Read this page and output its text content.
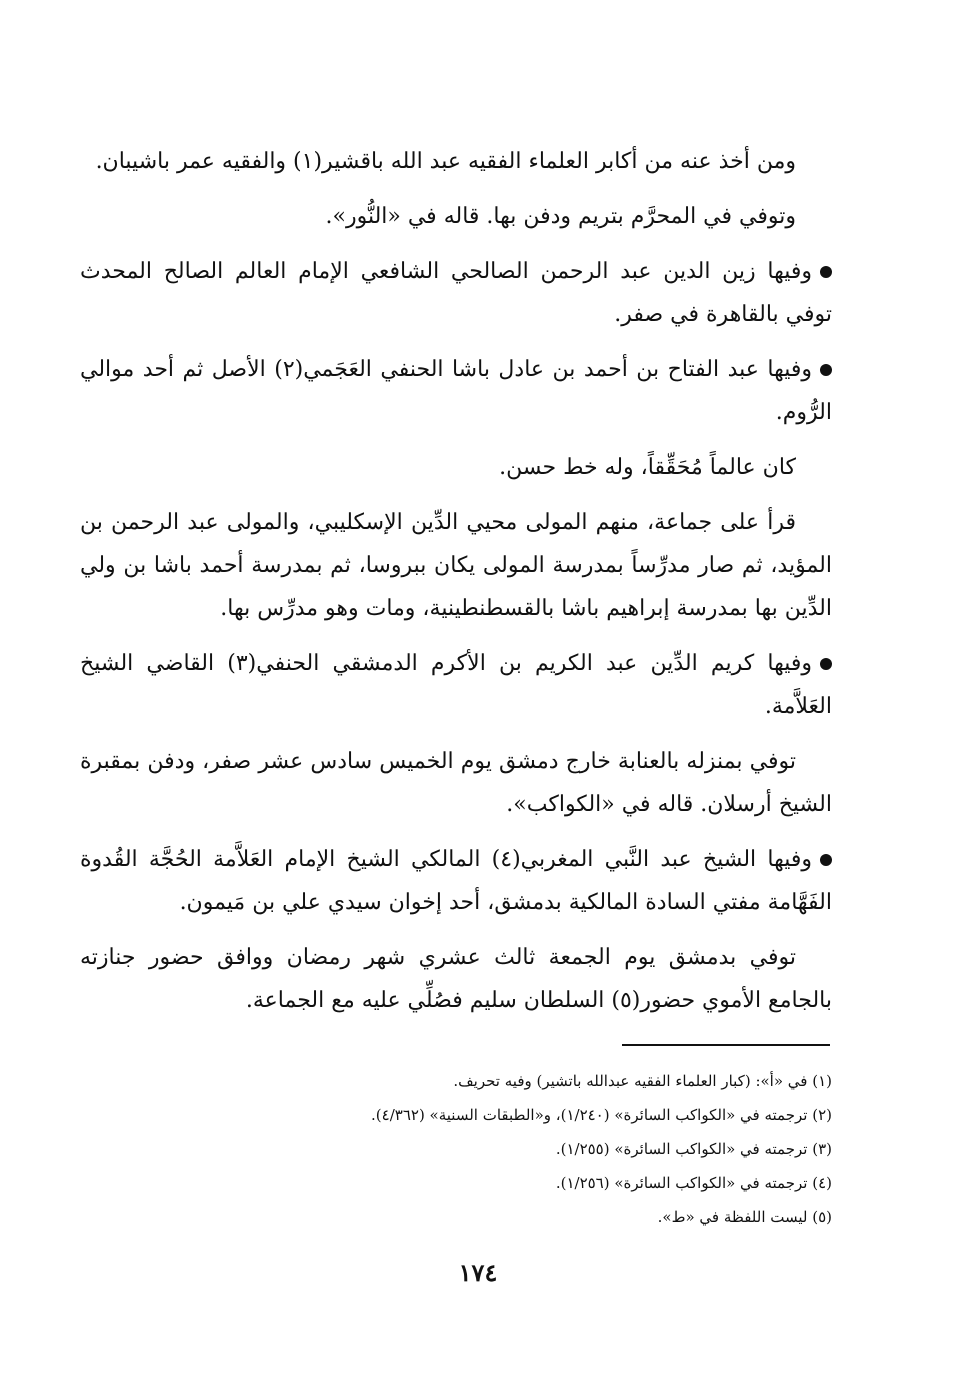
ومن أخذ عنه من أكابر العلماء الفقيه عبد الله باقشير(١) والفقيه عمر باشيبان.

وتوفي في المحرَّم بتريم ودفن بها. قاله في «النُّور».

وفيها زين الدين عبد الرحمن الصالحي الشافعي الإمام العالم الصالح المحدث توفي بالقاهرة في صفر.

وفيها عبد الفتاح بن أحمد بن عادل باشا الحنفي العَجَمي(٢) الأصل ثم أحد موالي الرُّوم.

كان عالماً مُحَقِّقاً، وله خط حسن.

قرأ على جماعة، منهم المولى محيي الدِّين الإسكليبي، والمولى عبد الرحمن بن المؤيد، ثم صار مدرِّساً بمدرسة المولى يكان ببروسا، ثم بمدرسة أحمد باشا بن ولي الدِّين بها بمدرسة إبراهيم باشا بالقسطنطينية، ومات وهو مدرِّس بها.

وفيها كريم الدِّين عبد الكريم بن الأكرم الدمشقي الحنفي(٣) القاضي الشيخ العَلاَّمة.

توفي بمنزله بالعنابة خارج دمشق يوم الخميس سادس عشر صفر، ودفن بمقبرة الشيخ أرسلان. قاله في «الكواكب».

وفيها الشيخ عبد النَّبي المغربي(٤) المالكي الشيخ الإمام العَلاَّمة الحُجَّة القُدوة الفَهَّامة مفتي السادة المالكية بدمشق، أحد إخوان سيدي علي بن مَيمون.

توفي بدمشق يوم الجمعة ثالث عشري شهر رمضان ووافق حضور جنازته بالجامع الأموي حضور(٥) السلطان سليم فصُلِّي عليه مع الجماعة.

(١) في «أ»: (كبار العلماء الفقيه عبدالله باتشير) وفيه تحريف.

(٢) ترجمته في «الكواكب السائرة» (١/٢٤٠)، و«الطبقات السنية» (٤/٣٦٢).

(٣) ترجمته في «الكواكب السائرة» (١/٢٥٥).

(٤) ترجمته في «الكواكب السائرة» (١/٢٥٦).

(٥) ليست اللفظة في «ط».

١٧٤
